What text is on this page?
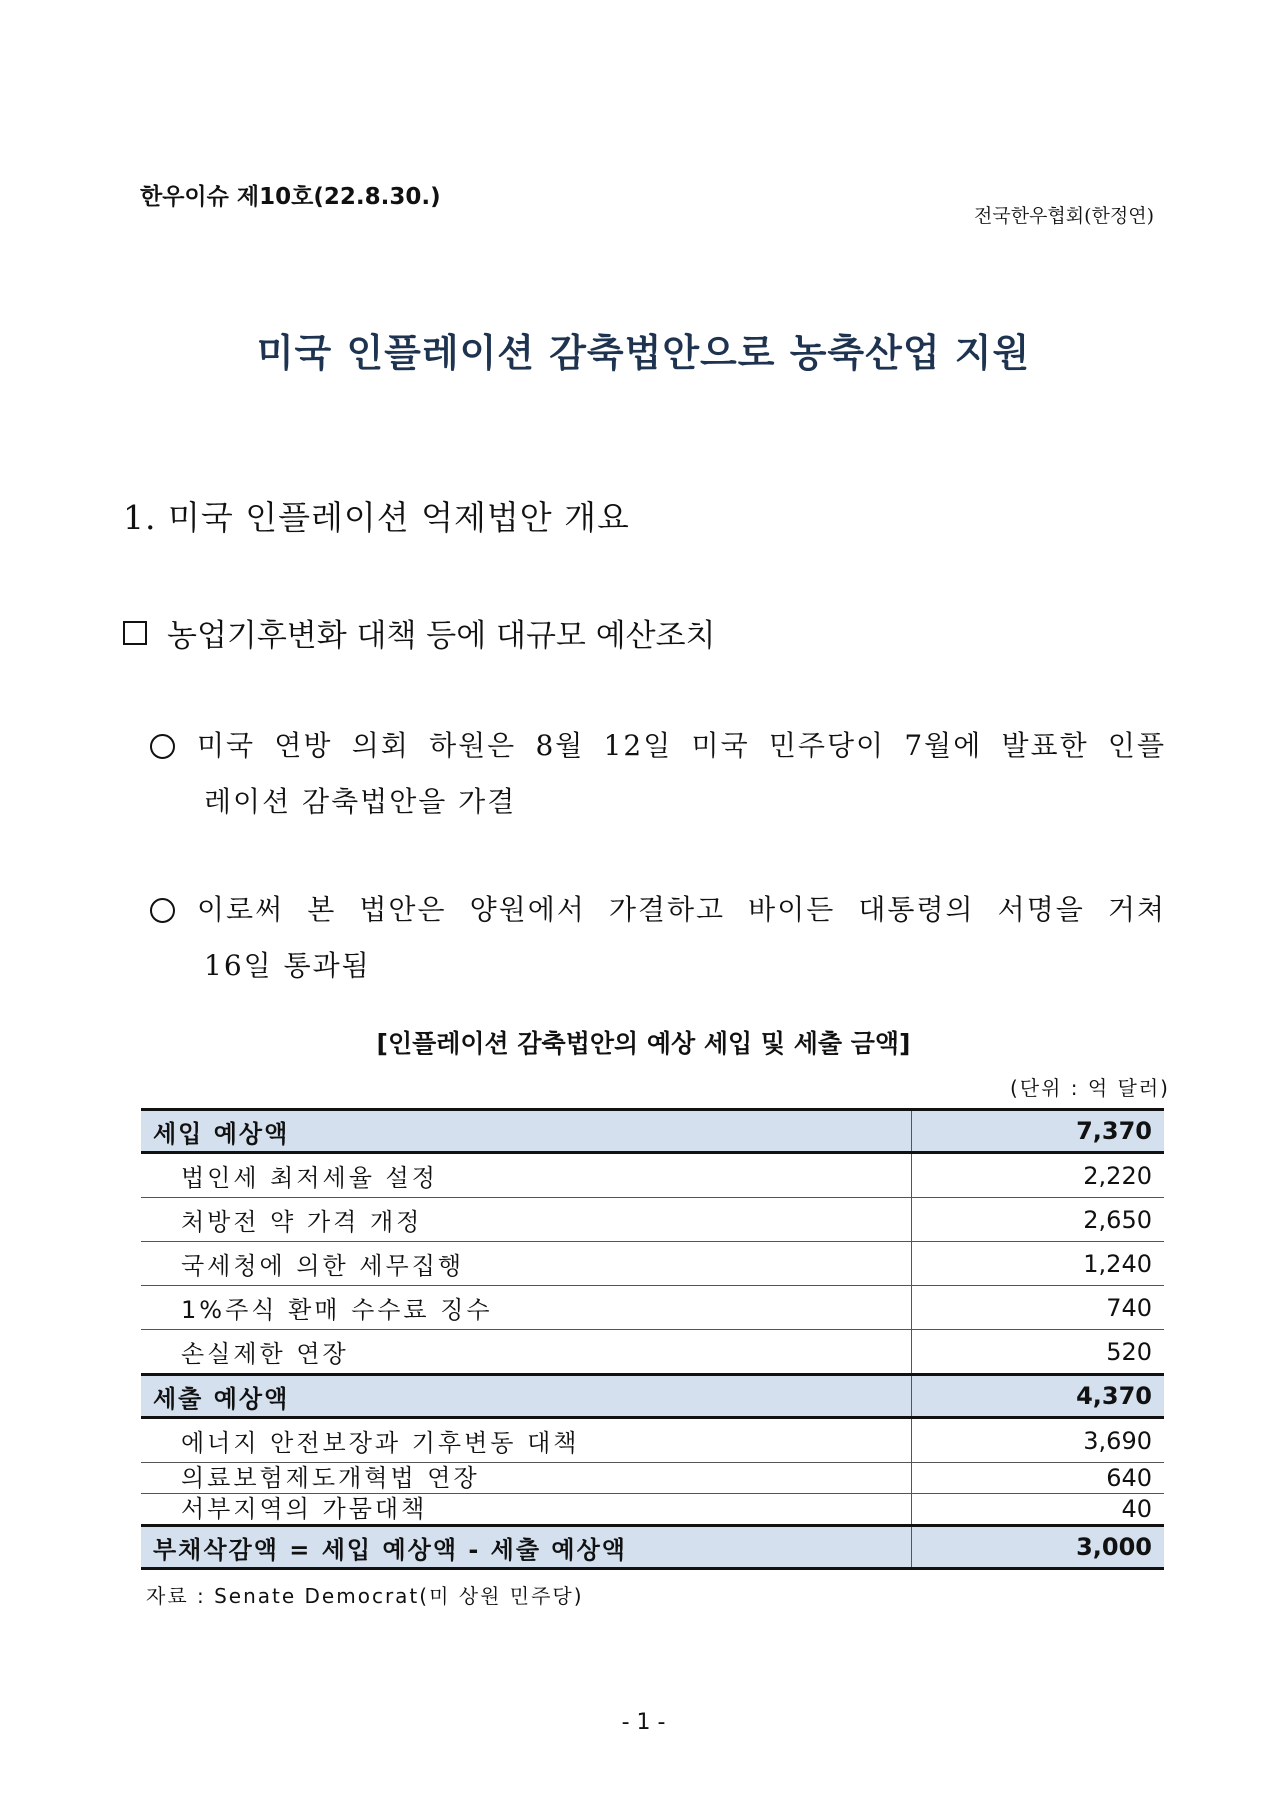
한우이슈 제10호(22.8.30.)
전국한우협회(한정연)
미국 인플레이션 감축법안으로 농축산업 지원
1. 미국 인플레이션 억제법안 개요
농업기후변화 대책 등에 대규모 예산조치
미국 연방 의회 하원은 8월 12일 미국 민주당이 7월에 발표한 인플
레이션 감축법안을 가결
이로써 본 법안은 양원에서 가결하고 바이든 대통령의 서명을 거쳐
16일 통과됨
[인플레이션 감축법안의 예상 세입 및 세출 금액]
(단위 : 억 달러)
세입 예상액	7,370
법인세 최저세율 설정	2,220
처방전 약 가격 개정	2,650
국세청에 의한 세무집행	1,240
1%주식 환매 수수료 징수	740
손실제한 연장	520
세출 예상액	4,370
에너지 안전보장과 기후변동 대책	3,690
의료보험제도개혁법 연장	640
서부지역의 가뭄대책	40
부채삭감액 = 세입 예상액 - 세출 예상액	3,000
자료 : Senate Democrat(미 상원 민주당)
- 1 -
